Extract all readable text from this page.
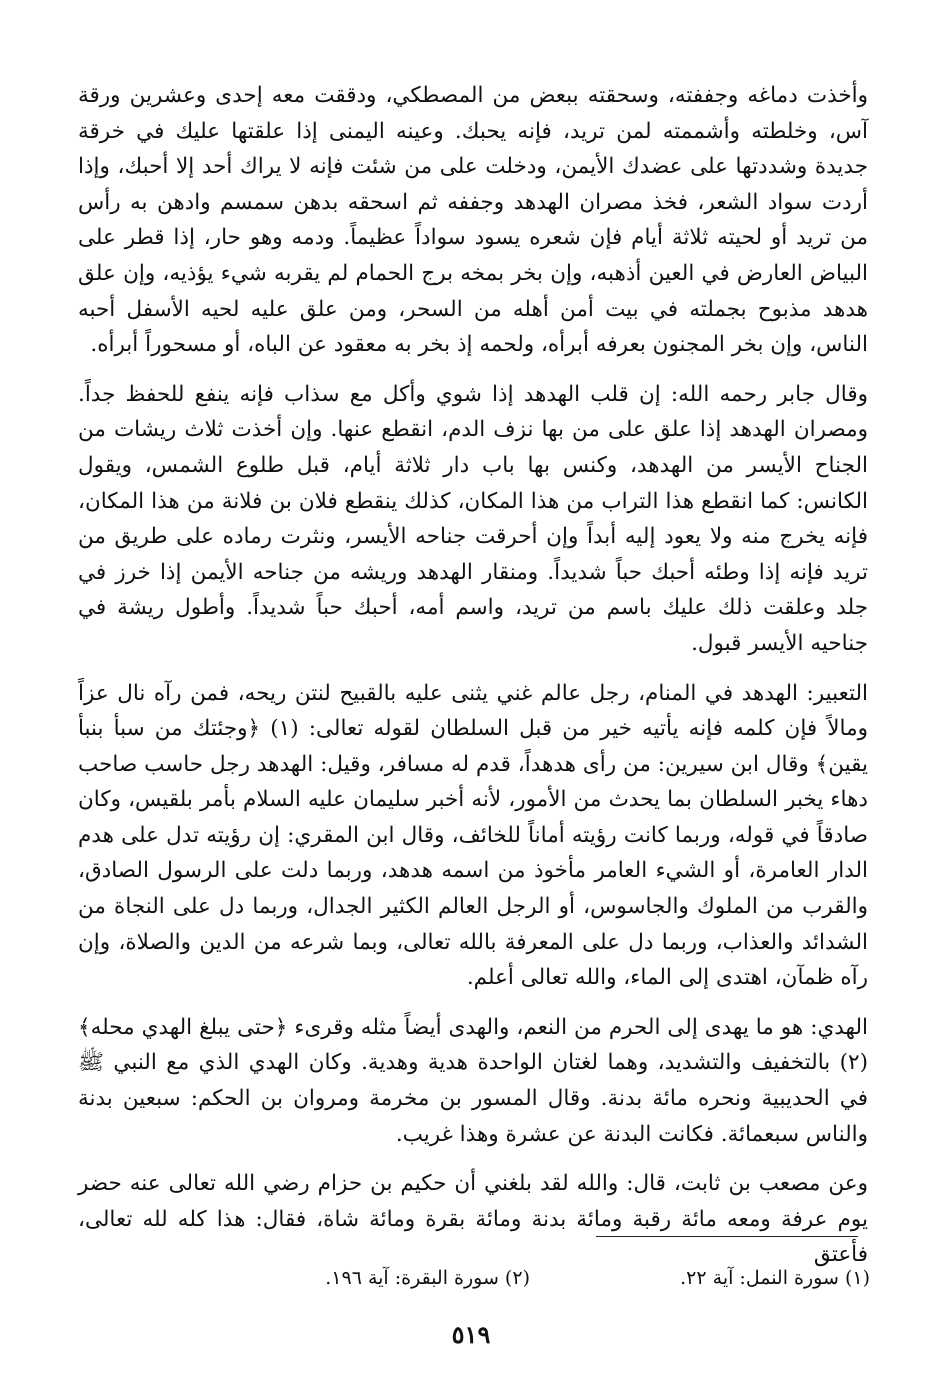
وأخذت دماغه وجففته، وسحقته ببعض من المصطكي، ودققت معه إحدى وعشرين ورقة آس، وخلطته وأشممته لمن تريد، فإنه يحبك. وعينه اليمنى إذا علقتها عليك في خرقة جديدة وشددتها على عضدك الأيمن، ودخلت على من شئت فإنه لا يراك أحد إلا أحبك، وإذا أردت سواد الشعر، فخذ مصران الهدهد وجففه ثم اسحقه بدهن سمسم وادهن به رأس من تريد أو لحيته ثلاثة أيام فإن شعره يسود سواداً عظيماً. ودمه وهو حار، إذا قطر على البياض العارض في العين أذهبه، وإن بخر بمخه برج الحمام لم يقربه شيء يؤذيه، وإن علق هدهد مذبوح بجملته في بيت أمن أهله من السحر، ومن علق عليه لحيه الأسفل أحبه الناس، وإن بخر المجنون بعرفه أبرأه، ولحمه إذ بخر به معقود عن الباه، أو مسحوراً أبرأه.

وقال جابر رحمه الله: إن قلب الهدهد إذا شوي وأكل مع سذاب فإنه ينفع للحفظ جداً. ومصران الهدهد إذا علق على من بها نزف الدم، انقطع عنها. وإن أخذت ثلاث ريشات من الجناح الأيسر من الهدهد، وكنس بها باب دار ثلاثة أيام، قبل طلوع الشمس، ويقول الكانس: كما انقطع هذا التراب من هذا المكان، كذلك ينقطع فلان بن فلانة من هذا المكان، فإنه يخرج منه ولا يعود إليه أبداً وإن أحرقت جناحه الأيسر، ونثرت رماده على طريق من تريد فإنه إذا وطئه أحبك حباً شديداً. ومنقار الهدهد وريشه من جناحه الأيمن إذا خرز في جلد وعلقت ذلك عليك باسم من تريد، واسم أمه، أحبك حباً شديداً. وأطول ريشة في جناحيه الأيسر قبول.

التعبير: الهدهد في المنام، رجل عالم غني يثنى عليه بالقبيح لنتن ريحه، فمن رآه نال عزاً ومالاً فإن كلمه فإنه يأتيه خير من قبل السلطان لقوله تعالى: (١) ﴿وجئتك من سبأ بنبأ يقين﴾ وقال ابن سيرين: من رأى هدهداً، قدم له مسافر، وقيل: الهدهد رجل حاسب صاحب دهاء يخبر السلطان بما يحدث من الأمور، لأنه أخبر سليمان عليه السلام بأمر بلقيس، وكان صادقاً في قوله، وربما كانت رؤيته أماناً للخائف، وقال ابن المقري: إن رؤيته تدل على هدم الدار العامرة، أو الشيء العامر مأخوذ من اسمه هدهد، وربما دلت على الرسول الصادق، والقرب من الملوك والجاسوس، أو الرجل العالم الكثير الجدال، وربما دل على النجاة من الشدائد والعذاب، وربما دل على المعرفة بالله تعالى، وبما شرعه من الدين والصلاة، وإن رآه ظمآن، اهتدى إلى الماء، والله تعالى أعلم.

الهدي: هو ما يهدى إلى الحرم من النعم، والهدى أيضاً مثله وقرىء ﴿حتى يبلغ الهدي محله﴾(٢) بالتخفيف والتشديد، وهما لغتان الواحدة هدية وهدية. وكان الهدي الذي مع النبي ﷺ في الحديبية ونحره مائة بدنة. وقال المسور بن مخرمة ومروان بن الحكم: سبعين بدنة والناس سبعمائة. فكانت البدنة عن عشرة وهذا غريب.

وعن مصعب بن ثابت، قال: والله لقد بلغني أن حكيم بن حزام رضي الله تعالى عنه حضر يوم عرفة ومعه مائة رقبة ومائة بدنة ومائة بقرة ومائة شاة، فقال: هذا كله لله تعالى، فأعتق

(١) سورة النمل: آية ٢٢.
(٢) سورة البقرة: آية ١٩٦.
٥١٩
